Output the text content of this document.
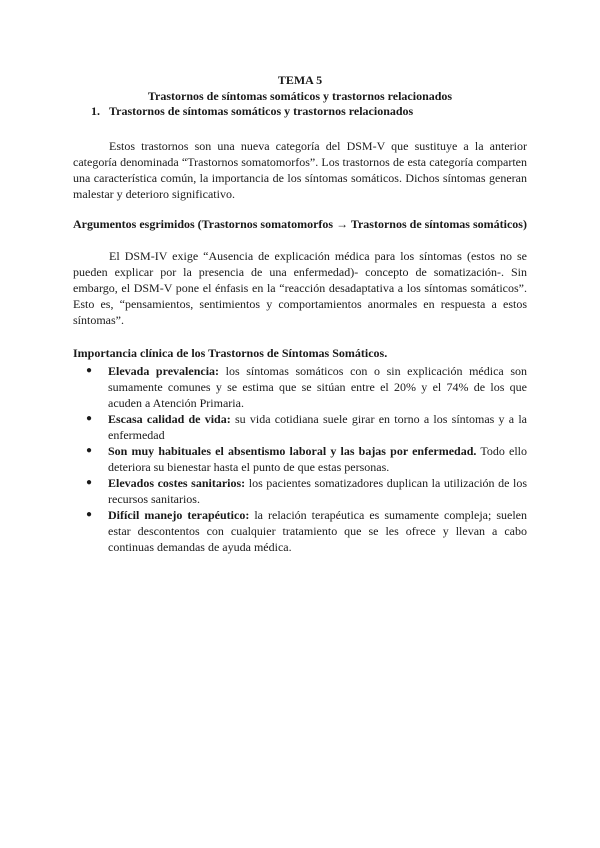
TEMA 5
Trastornos de síntomas somáticos y trastornos relacionados
1. Trastornos de síntomas somáticos y trastornos relacionados
Estos trastornos son una nueva categoría del DSM-V que sustituye a la anterior categoría denominada “Trastornos somatomorfos”. Los trastornos de esta categoría comparten una característica común, la importancia de los síntomas somáticos. Dichos síntomas generan malestar y deterioro significativo.
Argumentos esgrimidos (Trastornos somatomorfos → Trastornos de síntomas somáticos)
El DSM-IV exige “Ausencia de explicación médica para los síntomas (estos no se pueden explicar por la presencia de una enfermedad)- concepto de somatización-. Sin embargo, el DSM-V pone el énfasis en la “reacción desadaptativa a los síntomas somáticos”. Esto es, “pensamientos, sentimientos y comportamientos anormales en respuesta a estos síntomas”.
Importancia clínica de los Trastornos de Síntomas Somáticos.
● Elevada prevalencia: los síntomas somáticos con o sin explicación médica son sumamente comunes y se estima que se sitúan entre el 20% y el 74% de los que acuden a Atención Primaria.
● Escasa calidad de vida: su vida cotidiana suele girar en torno a los síntomas y a la enfermedad
● Son muy habituales el absentismo laboral y las bajas por enfermedad. Todo ello deteriora su bienestar hasta el punto de que estas personas.
● Elevados costes sanitarios: los pacientes somatizadores duplican la utilización de los recursos sanitarios.
● Difícil manejo terapéutico: la relación terapéutica es sumamente compleja; suelen estar descontentos con cualquier tratamiento que se les ofrece y llevan a cabo continuas demandas de ayuda médica.
